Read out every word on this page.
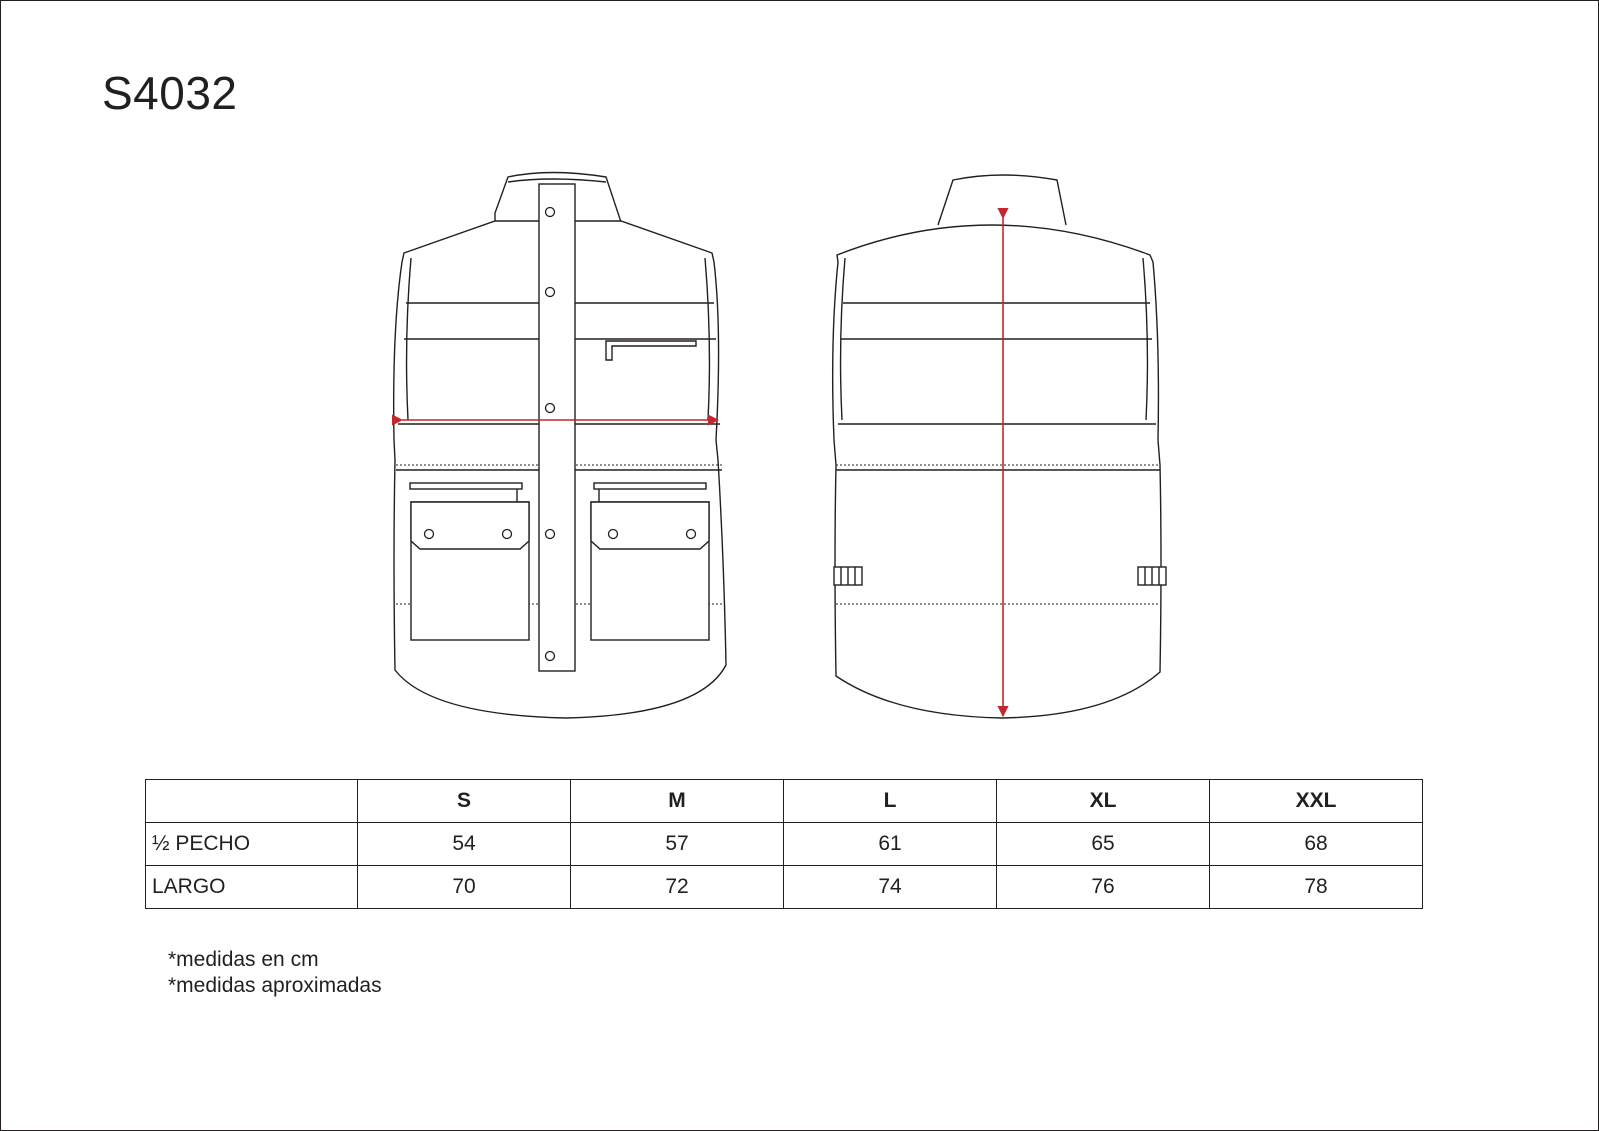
S4032
	S	M	L	XL	XXL
½ PECHO	54	57	61	65	68
LARGO	70	72	74	76	78
*medidas en cm
*medidas aproximadas
